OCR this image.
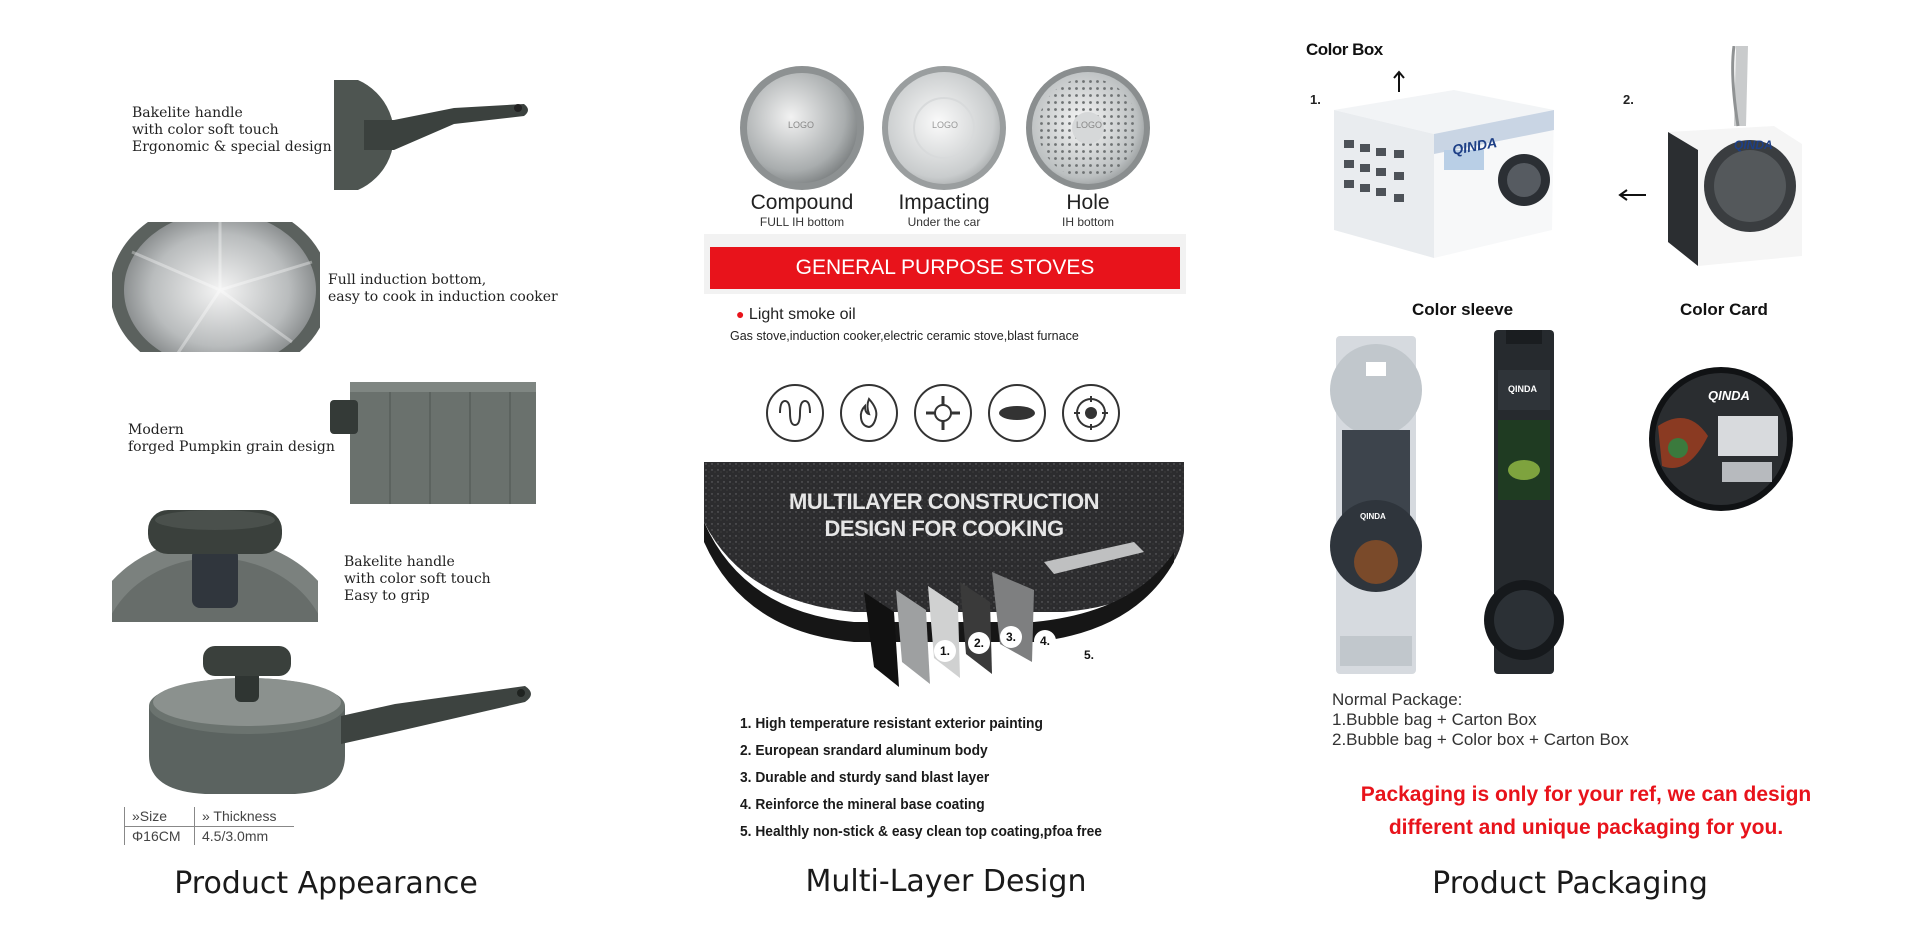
Bakelite handle
with color soft touch
Ergonomic & special design
Full induction bottom,
easy to cook in induction cooker
Modern
forged Pumpkin grain design
Bakelite handle
with color soft touch
Easy to grip
»Size » Thickness
Φ16CM 4.5/3.0mm
Product Appearance
LOGO	LOGO	LOGO
Compound
FULL IH bottom
Impacting
Under the car
Hole
IH bottom
GENERAL PURPOSE STOVES
● Light smoke oil
Gas stove,induction cooker,electric ceramic stove,blast furnace
MULTILAYER CONSTRUCTION
DESIGN FOR COOKING
1.
2.	3.	4.
5.
1. High temperature resistant exterior painting
2. European srandard aluminum body
3. Durable and sturdy sand blast layer
4. Reinforce the mineral base coating
5. Healthly non-stick & easy clean top coating,pfoa free
Multi-Layer Design
Color Box
1.	2.
QINDA	QINDA
Color sleeve	Color Card
QINDA
QINDA	QINDA
Normal Package:
1.Bubble bag + Carton Box
2.Bubble bag + Color box + Carton Box
Packaging is only for your ref, we can design
different and unique packaging for you.
Product Packaging
